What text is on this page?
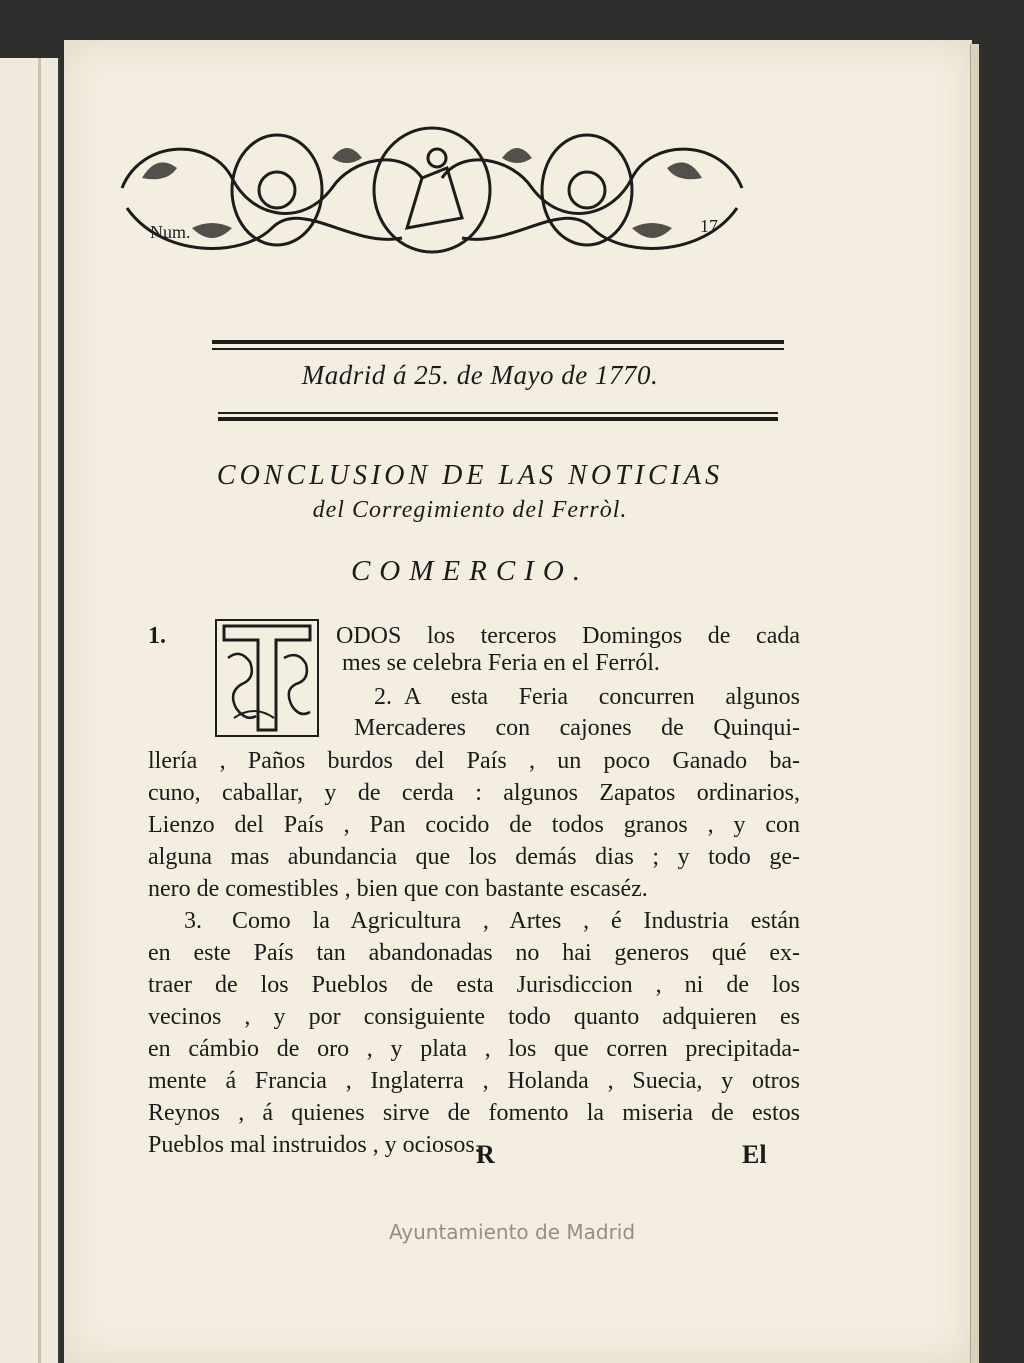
Num.	17
Madrid á 25. de Mayo de 1770.
CONCLUSION DE LAS NOTICIAS
del Corregimiento del Ferròl.
COMERCIO.
1.	ODOS los terceros Domingos de cada
mes se celebra Feria en el Ferról.
2. A esta Feria concurren algunos
Mercaderes con cajones de Quinqui-
llería , Paños burdos del País , un poco Ganado ba-
cuno, caballar, y de cerda : algunos Zapatos ordinarios,
Lienzo del País , Pan cocido de todos granos , y con
alguna mas abundancia que los demás dias ; y todo ge-
nero de comestibles , bien que con bastante escaséz.
3. Como la Agricultura , Artes , é Industria están
en este País tan abandonadas no hai generos qué ex-
traer de los Pueblos de esta Jurisdiccion , ni de los
vecinos , y por consiguiente todo quanto adquieren es
en cámbio de oro , y plata , los que corren precipitada-
mente á Francia , Inglaterra , Holanda , Suecia, y otros
Reynos , á quienes sirve de fomento la miseria de estos
Pueblos mal instruidos , y ociosos.
R	El
Ayuntamiento de Madrid
